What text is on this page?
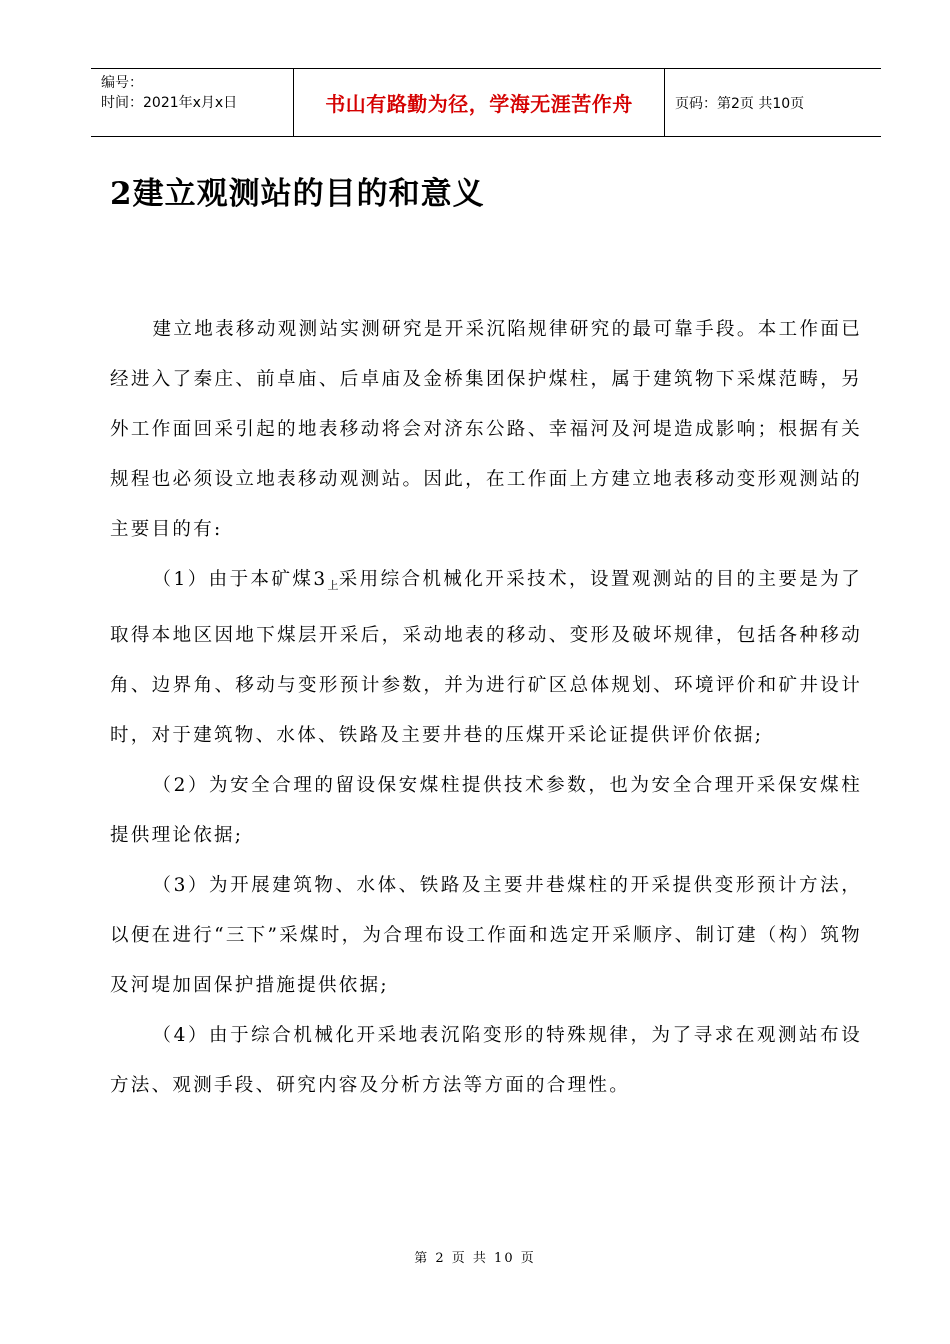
编号：
时间：2021年x月x日	书山有路勤为径，学海无涯苦作舟	页码：第2页 共10页
2建立观测站的目的和意义

建立地表移动观测站实测研究是开采沉陷规律研究的最可靠手段。本工作面已经进入了秦庄、前卓庙、后卓庙及金桥集团保护煤柱，属于建筑物下采煤范畴，另外工作面回采引起的地表移动将会对济东公路、幸福河及河堤造成影响；根据有关规程也必须设立地表移动观测站。因此，在工作面上方建立地表移动变形观测站的主要目的有:

（1）由于本矿煤$3_上$采用综合机械化开采技术，设置观测站的目的主要是为了取得本地区因地下煤层开采后，采动地表的移动、变形及破坏规律，包括各种移动角、边界角、移动与变形预计参数，并为进行矿区总体规划、环境评价和矿井设计时，对于建筑物、水体、铁路及主要井巷的压煤开采论证提供评价依据;

（2）为安全合理的留设保安煤柱提供技术参数，也为安全合理开采保安煤柱提供理论依据;

（3）为开展建筑物、水体、铁路及主要井巷煤柱的开采提供变形预计方法，以便在进行“三下”采煤时，为合理布设工作面和选定开采顺序、制订建（构）筑物及河堤加固保护措施提供依据;

（4）由于综合机械化开采地表沉陷变形的特殊规律，为了寻求在观测站布设方法、观测手段、研究内容及分析方法等方面的合理性。

第 2 页 共 10 页
